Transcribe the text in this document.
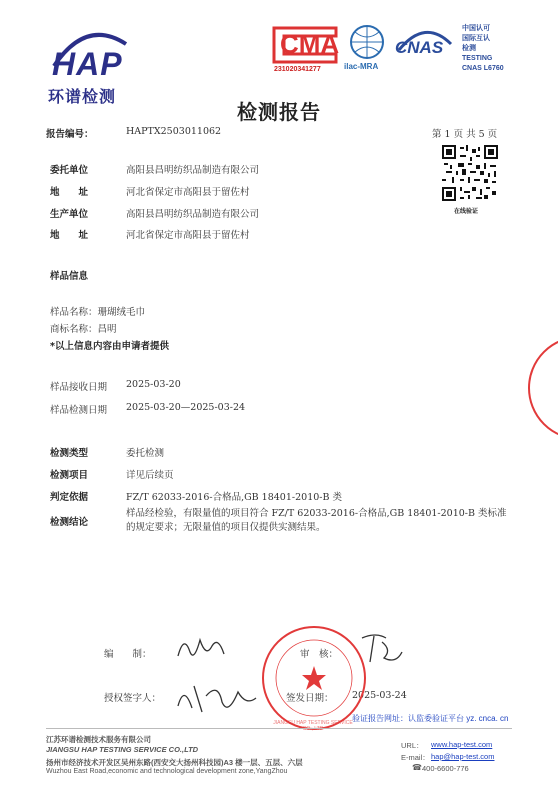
HAP
环谱检测
CMA
231020341277	ilac-MRA
CNAS
中国认可
国际互认
检测
TESTING
CNAS L6760
检测报告
报告编号：	HAPTX2503011062	第 1 页 共 5 页
在线验证
委托单位	高阳县昌明纺织品制造有限公司
地　　址	河北省保定市高阳县于留佐村
生产单位	高阳县昌明纺织品制造有限公司
地　　址	河北省保定市高阳县于留佐村
样品信息
样品名称：珊瑚绒毛巾
商标名称：昌明
*以上信息内容由申请者提供
样品接收日期 2025-03-20
样品检测日期 2025-03-20—2025-03-24
检测类型	委托检测
检测项目	详见后续页
判定依据	FZ/T 62033-2016-合格品,GB 18401-2010-B 类
检测结论
样品经检验，有限量值的项目符合 FZ/T 62033-2016-合格品,GB 18401-2010-B 类标准的规定要求；无限量值的项目仅提供实测结果。
编　　制：	审　核：
授权签字人：	签发日期： 2025-03-24
JIANGSU HAP TESTING SERVICE CO., LTD
验证报告网址：认监委验证平台 yz. cnca. cn
江苏环谱检测技术服务有限公司
JIANGSU HAP TESTING SERVICE CO.,LTD
扬州市经济技术开发区吴州东路(西安交大扬州科技园)A3 楼一层、五层、六层
Wuzhou East Road,economic and technological development zone,YangZhou
URL： www.hap-test.com
E-mail： hap@hap-test.com
☎ 400-6600-776
